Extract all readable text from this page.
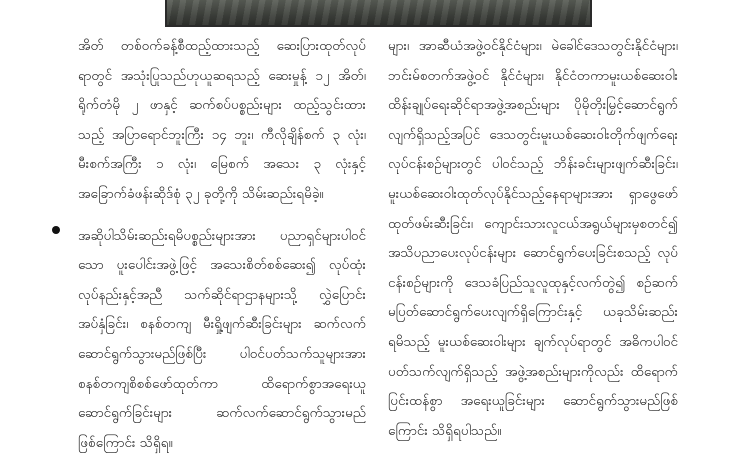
အိတ် တစ်ဝက်ခန့်စီထည့်ထားသည့် ဆေးပြားထုတ်လုပ်
ရာတွင် အသုံးပြုသည်ဟုယူဆရသည့် ဆေးမှုန့် ၁၂ အိတ်၊
ရိုက်တံမို ၂ ဖာနှင့် ဆက်စပ်ပစ္စည်းများ ထည့်သွင်းထား
သည့် အပြာရောင်ဘူးကြီး ၁၄ ဘူး၊ ကီလိုချိန်စက် ၃ လုံး၊
မီးစက်အကြီး ၁ လုံး၊ မြေစက် အသေး ၃ လုံးနှင့်
အခြောက်ခံဖန်းဆိုဒ်စုံ ၃၂ ခုတို့ကို သိမ်းဆည်းရမိခဲ့။
အဆိုပါသိမ်းဆည်းရမိပစ္စည်းများအား ပညာရှင်များပါဝင်
သော ပူးပေါင်းအဖွဲ့ဖြင့် အသေးစိတ်စစ်ဆေး၍ လုပ်ထုံး
လုပ်နည်းနှင့်အညီ သက်ဆိုင်ရာဌာနများသို့ လွှဲပြောင်း
အပ်နှံခြင်း၊ စနစ်တကျ မီးရှို့ဖျက်ဆီးခြင်းများ ဆက်လက်
ဆောင်ရွက်သွားမည်ဖြစ်ပြီး ပါဝင်ပတ်သက်သူများအား
စနစ်တကျစိစစ်ဖော်ထုတ်ကာ ထိရောက်စွာအရေးယူ
ဆောင်ရွက်ခြင်းများ ဆက်လက်ဆောင်ရွက်သွားမည်
ဖြစ်ကြောင်း သိရှိရ။
များ၊ အာဆီယံအဖွဲ့ဝင်နိုင်ငံများ၊ မဲခေါင်ဒေသတွင်းနိုင်ငံများ၊
ဘင်းမ်စတက်အဖွဲ့ဝင် နိုင်ငံများ၊ နိုင်ငံတကာမူးယစ်ဆေးဝါး
ထိန်းချုပ်ရေးဆိုင်ရာအဖွဲ့အစည်းများ ပိုမိုတိုးမြှင့်ဆောင်ရွက်
လျက်ရှိသည့်အပြင် ဒေသတွင်းမူးယစ်ဆေးဝါးတိုက်ဖျက်ရေး
လုပ်ငန်းစဉ်များတွင် ပါဝင်သည့် ဘိန်းခင်းများဖျက်ဆီးခြင်း၊
မူးယစ်ဆေးဝါးထုတ်လုပ်နိုင်သည့်နေရာများအား ရှာဖွေဖော်
ထုတ်ဖမ်းဆီးခြင်း၊ ကျောင်းသားလူငယ်အရွယ်များမှစတင်၍
အသိပညာပေးလုပ်ငန်းများ ဆောင်ရွက်ပေးခြင်းစသည့် လုပ်
ငန်းစဉ်များကို ဒေသခံပြည်သူလူထုနှင့်လက်တွဲ၍ စဉ်ဆက်
မပြတ်ဆောင်ရွက်ပေးလျက်ရှိကြောင်းနှင့် ယခုသိမ်းဆည်း
ရမိသည့် မူးယစ်ဆေးဝါးများ ချက်လုပ်ရာတွင် အဓိကပါဝင်
ပတ်သက်လျက်ရှိသည့် အဖွဲ့အစည်းများကိုလည်း ထိရောက်
ပြင်းထန်စွာ အရေးယူခြင်းများ ဆောင်ရွက်သွားမည်ဖြစ်
ကြောင်း သိရှိရပါသည်။
